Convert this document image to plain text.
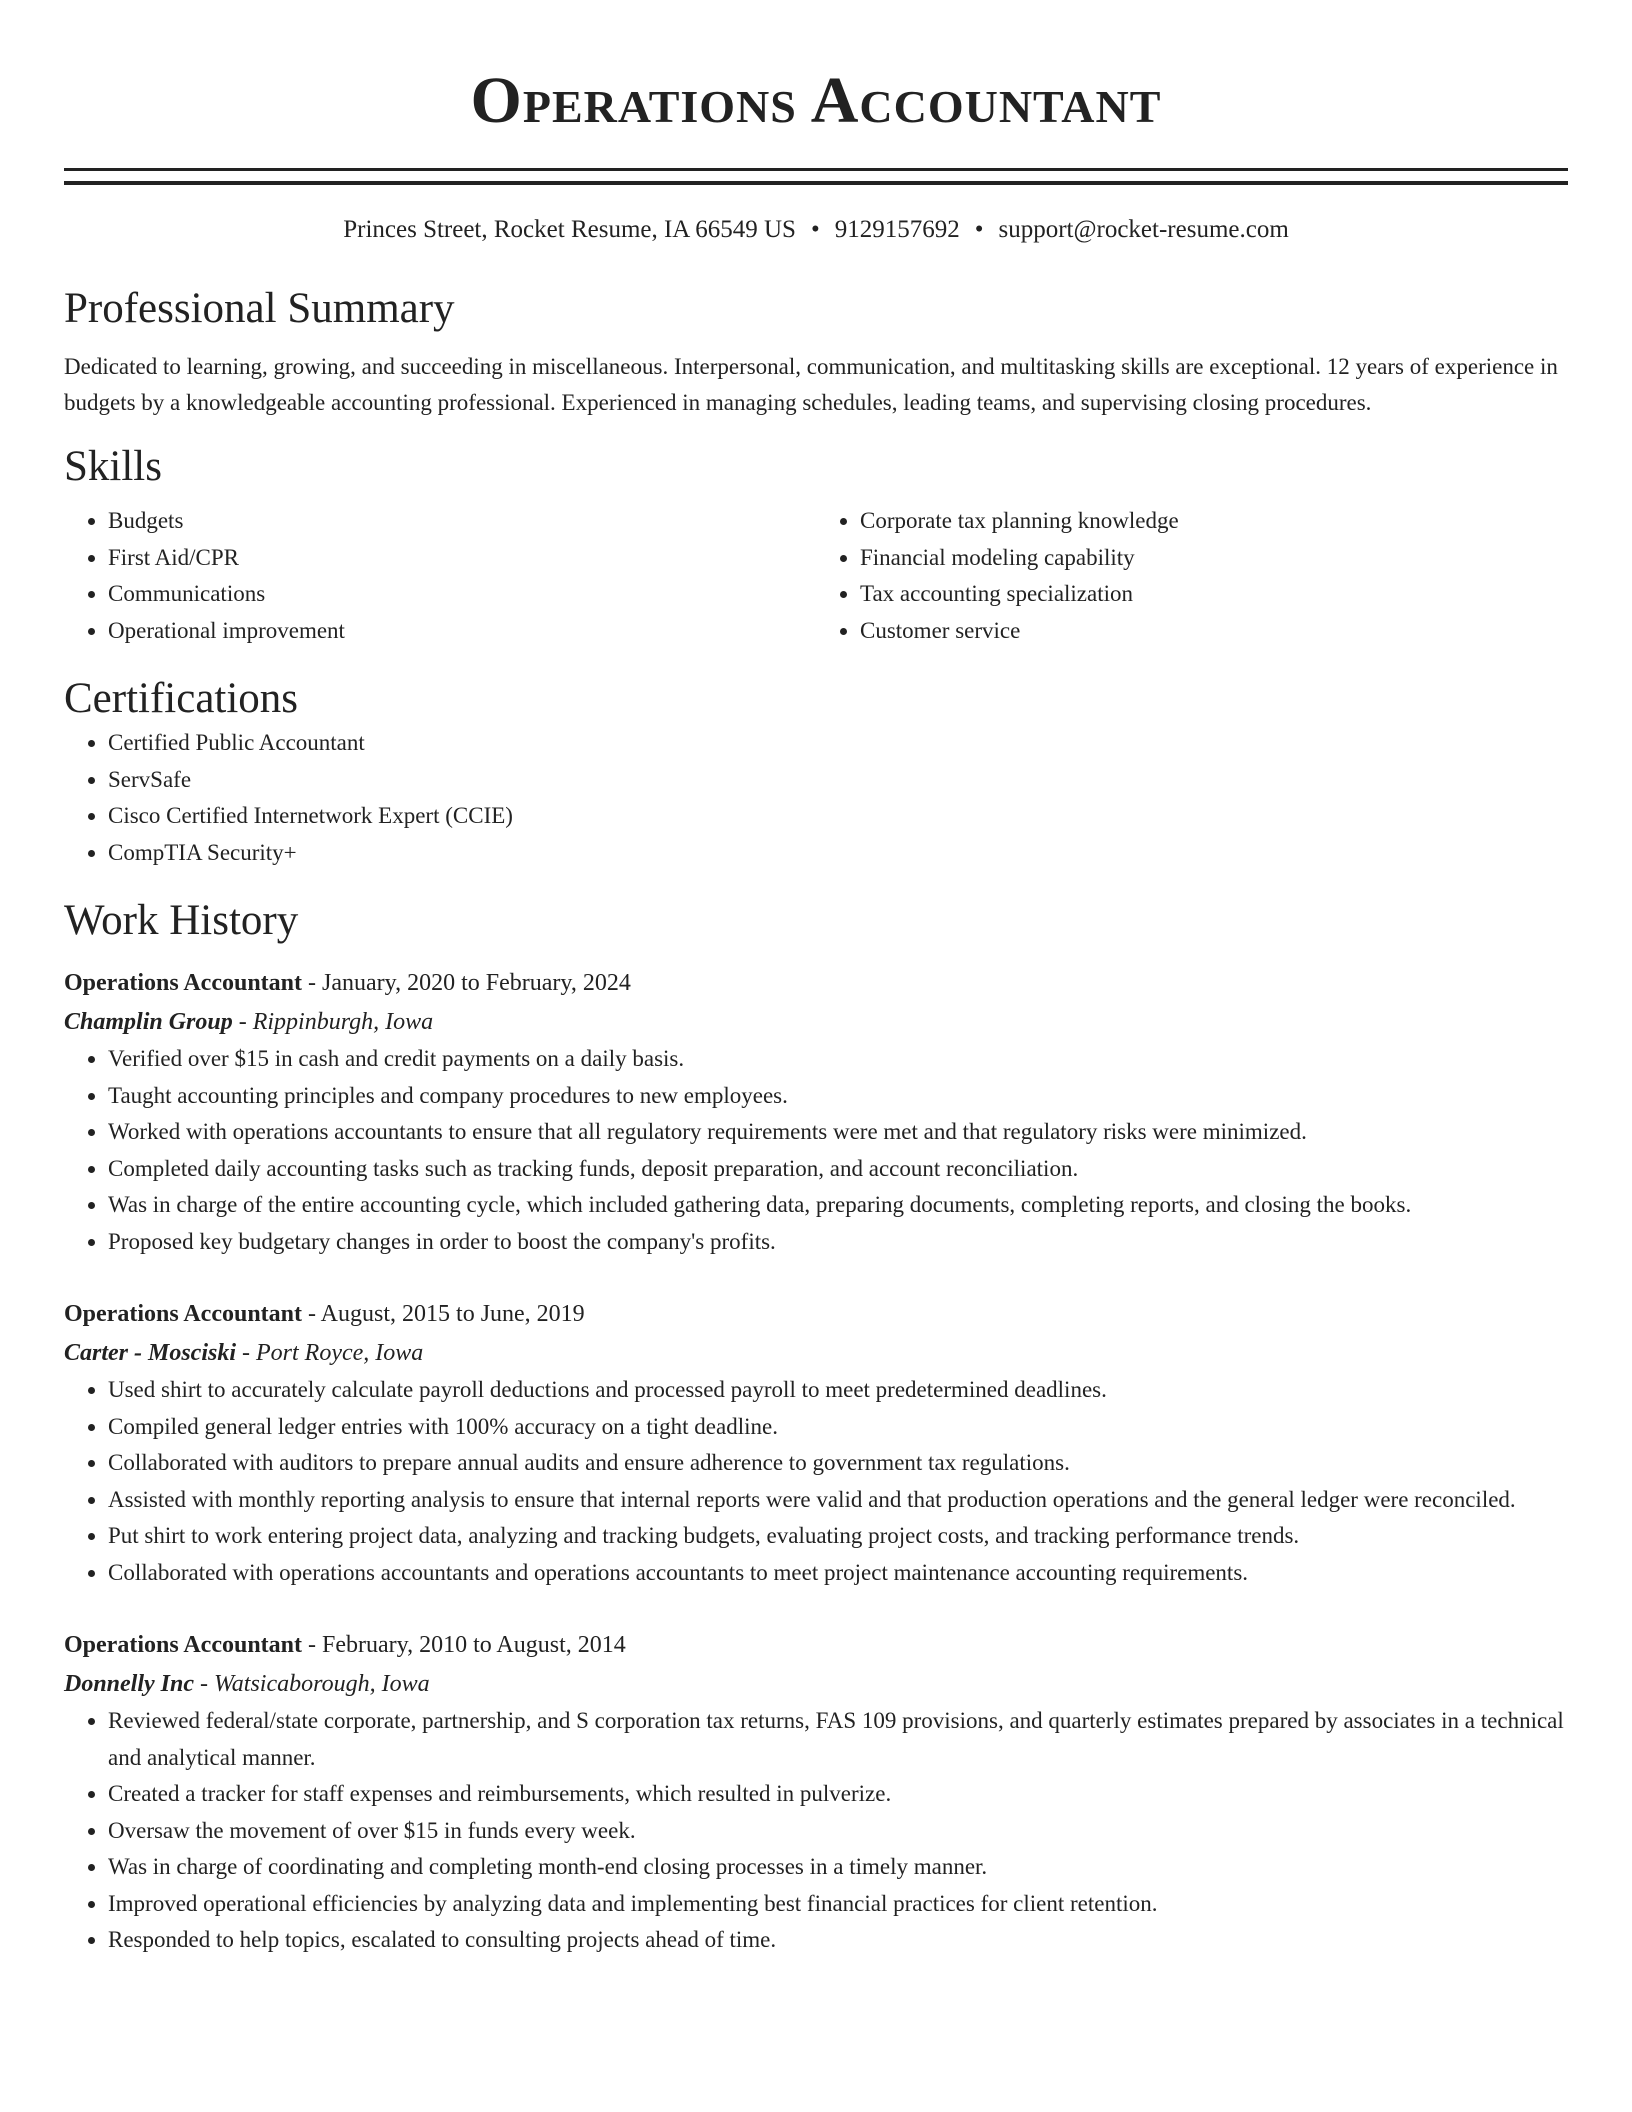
Operations Accountant
Princes Street, Rocket Resume, IA 66549 US • 9129157692 • support@rocket-resume.com
Professional Summary

Dedicated to learning, growing, and succeeding in miscellaneous. Interpersonal, communication, and multitasking skills are exceptional. 12 years of experience in budgets by a knowledgeable accounting professional. Experienced in managing schedules, leading teams, and supervising closing procedures.

Skills
• Budgets
• First Aid/CPR
• Communications
• Operational improvement
• Corporate tax planning knowledge
• Financial modeling capability
• Tax accounting specialization
• Customer service
Certifications
• Certified Public Accountant
• ServSafe
• Cisco Certified Internetwork Expert (CCIE)
• CompTIA Security+
Work History
Operations Accountant - January, 2020 to February, 2024
Champlin Group - Rippinburgh, Iowa
• Verified over $15 in cash and credit payments on a daily basis.
• Taught accounting principles and company procedures to new employees.
• Worked with operations accountants to ensure that all regulatory requirements were met and that regulatory risks were minimized.
• Completed daily accounting tasks such as tracking funds, deposit preparation, and account reconciliation.
• Was in charge of the entire accounting cycle, which included gathering data, preparing documents, completing reports, and closing the books.
• Proposed key budgetary changes in order to boost the company's profits.
Operations Accountant - August, 2015 to June, 2019
Carter - Mosciski - Port Royce, Iowa
• Used shirt to accurately calculate payroll deductions and processed payroll to meet predetermined deadlines.
• Compiled general ledger entries with 100% accuracy on a tight deadline.
• Collaborated with auditors to prepare annual audits and ensure adherence to government tax regulations.
• Assisted with monthly reporting analysis to ensure that internal reports were valid and that production operations and the general ledger were reconciled.
• Put shirt to work entering project data, analyzing and tracking budgets, evaluating project costs, and tracking performance trends.
• Collaborated with operations accountants and operations accountants to meet project maintenance accounting requirements.
Operations Accountant - February, 2010 to August, 2014
Donnelly Inc - Watsicaborough, Iowa
• Reviewed federal/state corporate, partnership, and S corporation tax returns, FAS 109 provisions, and quarterly estimates prepared by associates in a technical and analytical manner.
• Created a tracker for staff expenses and reimbursements, which resulted in pulverize.
• Oversaw the movement of over $15 in funds every week.
• Was in charge of coordinating and completing month-end closing processes in a timely manner.
• Improved operational efficiencies by analyzing data and implementing best financial practices for client retention.
• Responded to help topics, escalated to consulting projects ahead of time.
